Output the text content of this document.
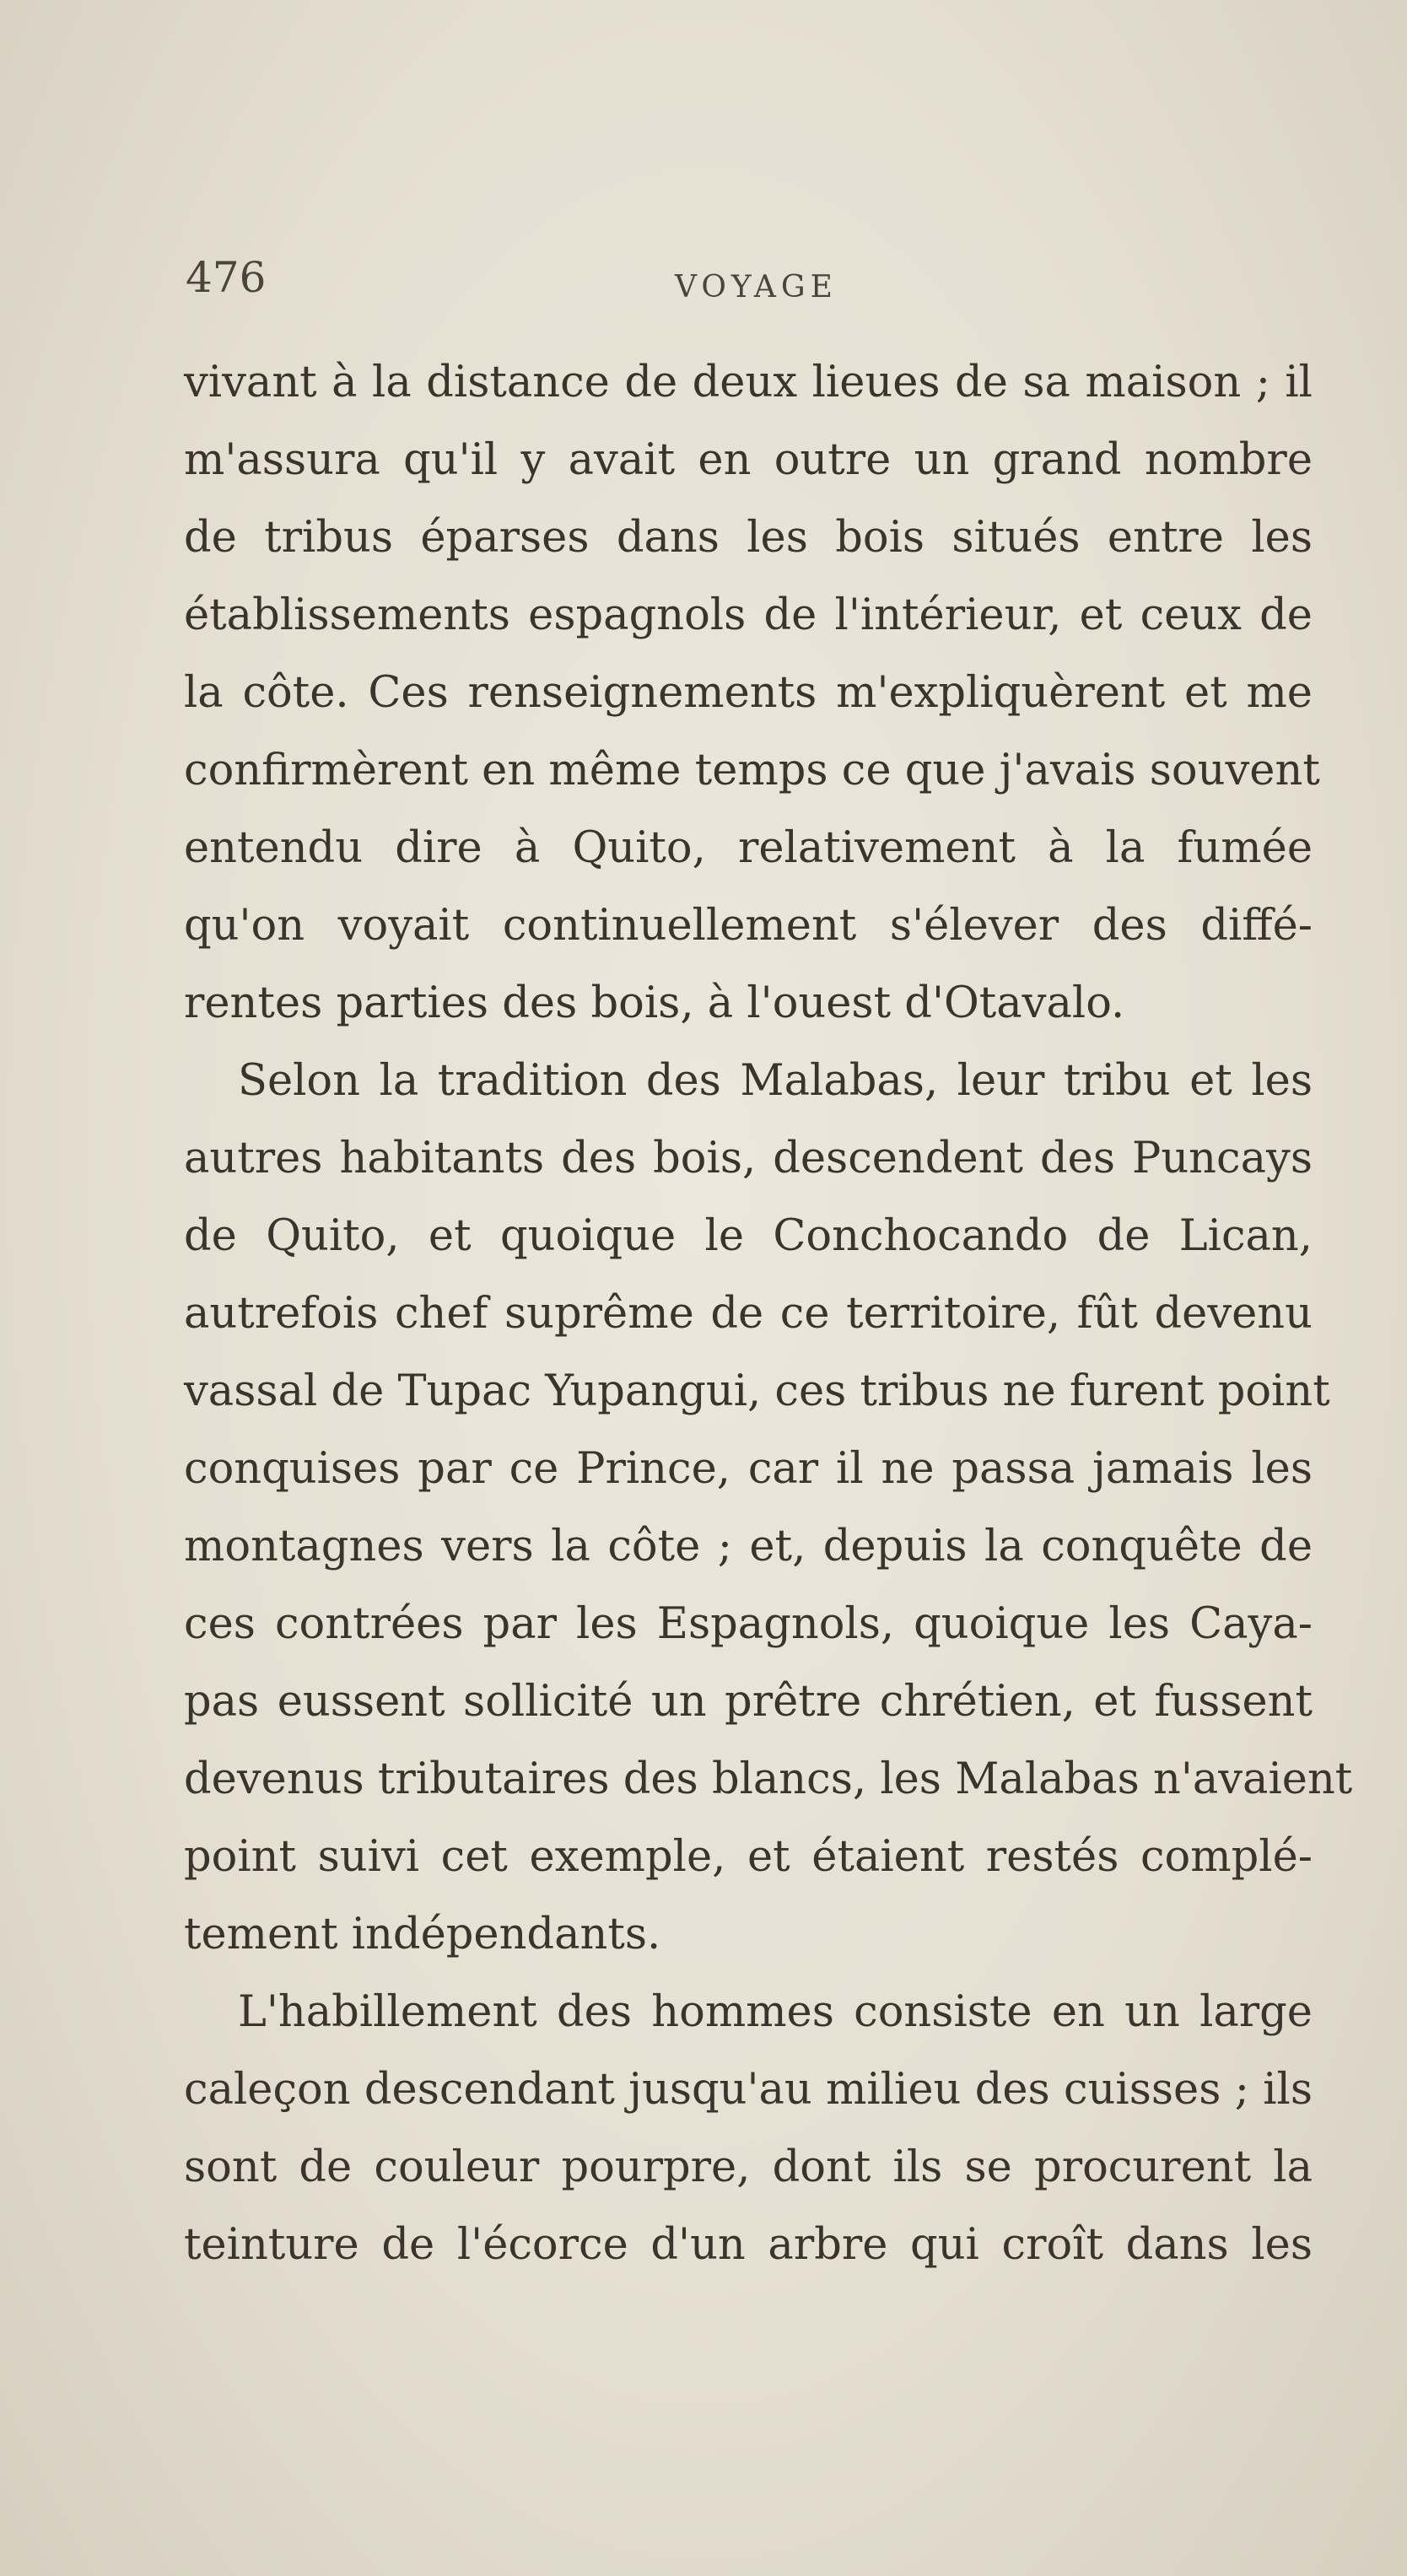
476	VOYAGE
vivant à la distance de deux lieues de sa maison ; il
m'assura qu'il y avait en outre un grand nombre
de tribus éparses dans les bois situés entre les
établissements espagnols de l'intérieur, et ceux de
la côte. Ces renseignements m'expliquèrent et me
confirmèrent en même temps ce que j'avais souvent
entendu dire à Quito, relativement à la fumée
qu'on voyait continuellement s'élever des diffé-
rentes parties des bois, à l'ouest d'Otavalo.
Selon la tradition des Malabas, leur tribu et les
autres habitants des bois, descendent des Puncays
de Quito, et quoique le Conchocando de Lican,
autrefois chef suprême de ce territoire, fût devenu
vassal de Tupac Yupangui, ces tribus ne furent point
conquises par ce Prince, car il ne passa jamais les
montagnes vers la côte ; et, depuis la conquête de
ces contrées par les Espagnols, quoique les Caya-
pas eussent sollicité un prêtre chrétien, et fussent
devenus tributaires des blancs, les Malabas n'avaient
point suivi cet exemple, et étaient restés complé-
tement indépendants.
L'habillement des hommes consiste en un large
caleçon descendant jusqu'au milieu des cuisses ; ils
sont de couleur pourpre, dont ils se procurent la
teinture de l'écorce d'un arbre qui croît dans les
